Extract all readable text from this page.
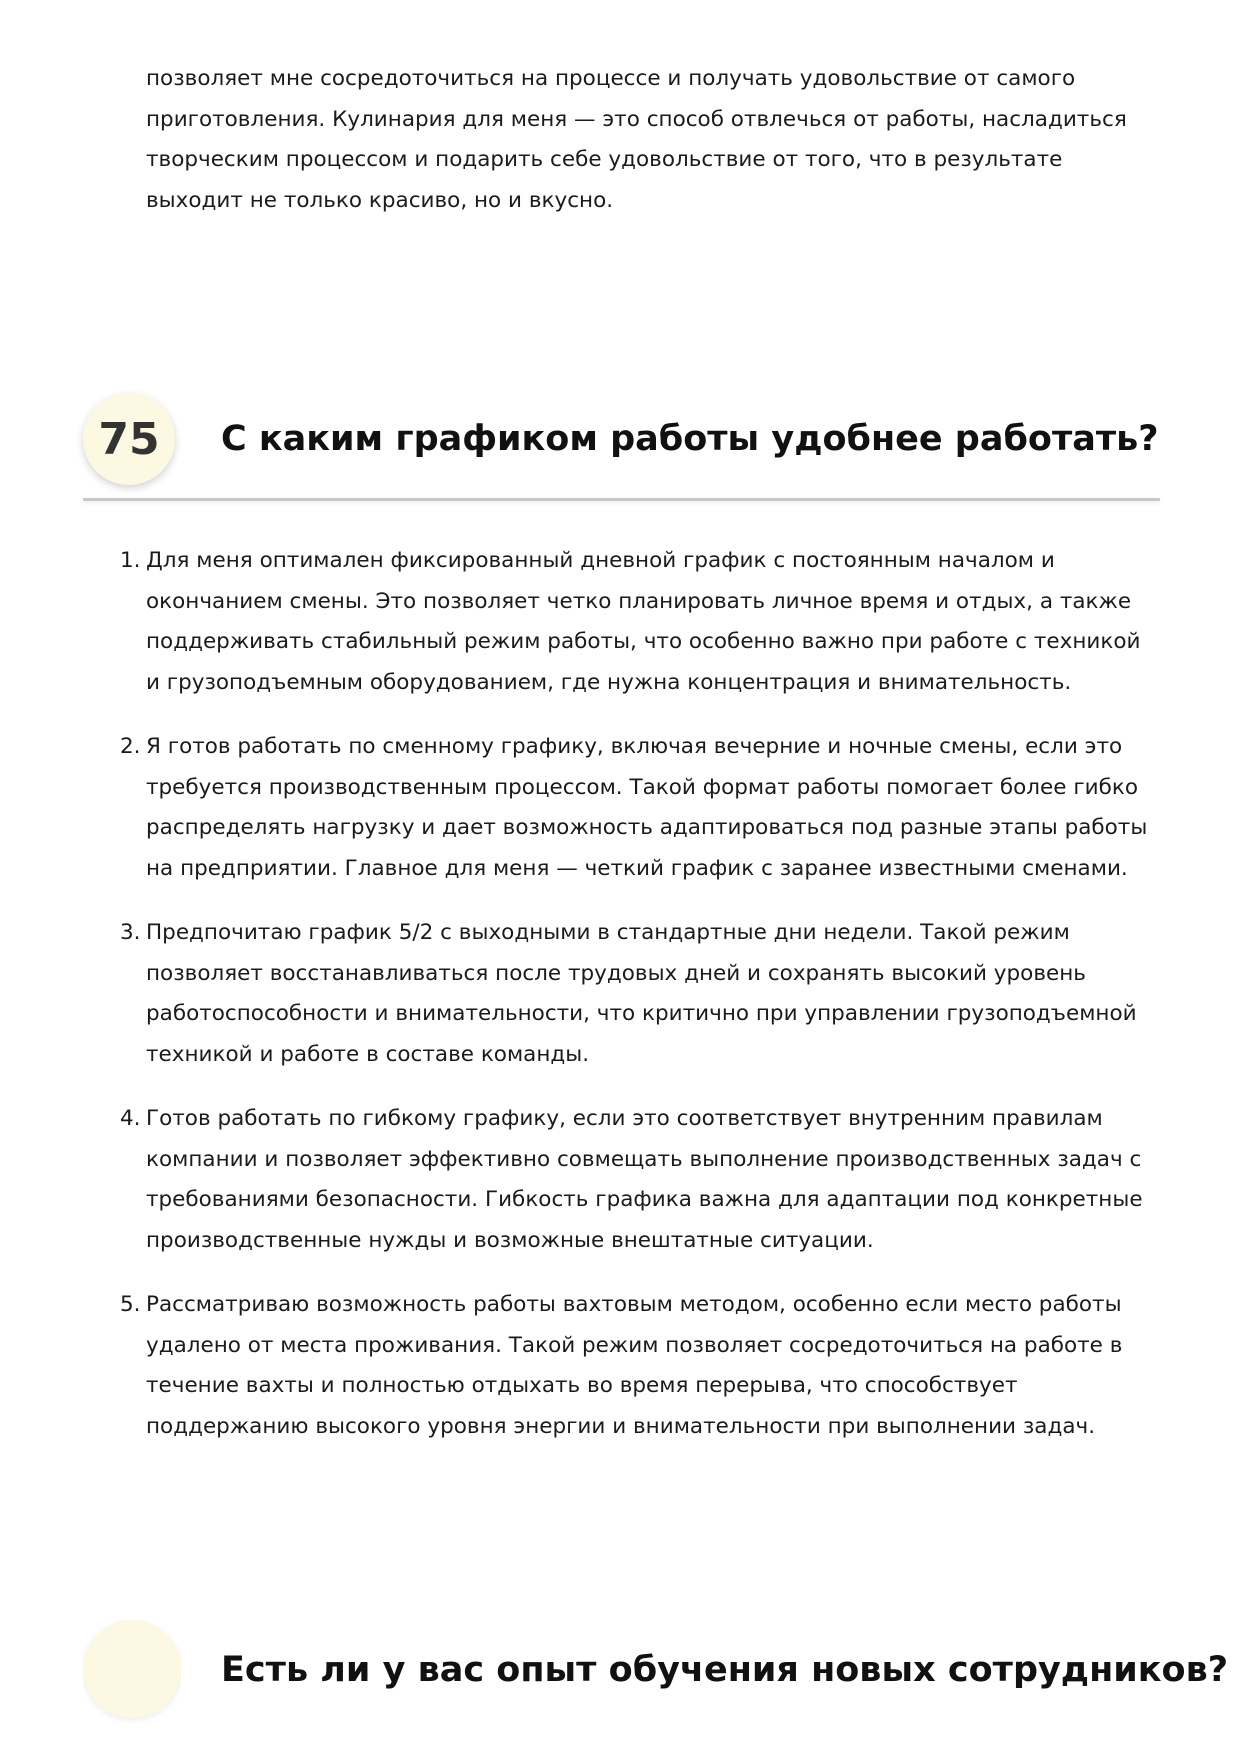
позволяет мне сосредоточиться на процессе и получать удовольствие от самого приготовления. Кулинария для меня — это способ отвлечься от работы, насладиться творческим процессом и подарить себе удовольствие от того, что в результате выходит не только красиво, но и вкусно.

75	С каким графиком работы удобнее работать?
1. Для меня оптимален фиксированный дневной график с постоянным началом и окончанием смены. Это позволяет четко планировать личное время и отдых, а также поддерживать стабильный режим работы, что особенно важно при работе с техникой и грузоподъемным оборудованием, где нужна концентрация и внимательность.
2. Я готов работать по сменному графику, включая вечерние и ночные смены, если это требуется производственным процессом. Такой формат работы помогает более гибко распределять нагрузку и дает возможность адаптироваться под разные этапы работы на предприятии. Главное для меня — четкий график с заранее известными сменами.
3. Предпочитаю график 5/2 с выходными в стандартные дни недели. Такой режим позволяет восстанавливаться после трудовых дней и сохранять высокий уровень работоспособности и внимательности, что критично при управлении грузоподъемной техникой и работе в составе команды.
4. Готов работать по гибкому графику, если это соответствует внутренним правилам компании и позволяет эффективно совмещать выполнение производственных задач с требованиями безопасности. Гибкость графика важна для адаптации под конкретные производственные нужды и возможные внештатные ситуации.
5. Рассматриваю возможность работы вахтовым методом, особенно если место работы удалено от места проживания. Такой режим позволяет сосредоточиться на работе в течение вахты и полностью отдыхать во время перерыва, что способствует поддержанию высокого уровня энергии и внимательности при выполнении задач.
Есть ли у вас опыт обучения новых сотрудников?
